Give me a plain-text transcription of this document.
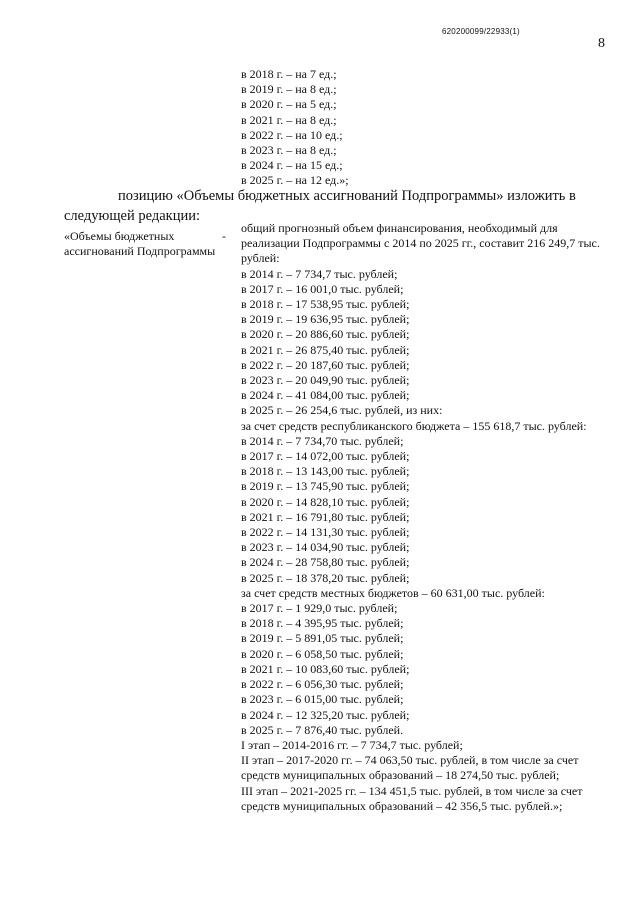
620200099/22933(1)
8
в 2018 г. – на 7 ед.;
в 2019 г. – на 8 ед.;
в 2020 г. – на 5 ед.;
в 2021 г. – на 8 ед.;
в 2022 г. – на 10 ед.;
в 2023 г. – на 8 ед.;
в 2024 г. – на 15 ед.;
в 2025 г. – на 12 ед.»;
позицию «Объемы бюджетных ассигнований Подпрограммы» изложить в следующей редакции:
«Объемы бюджетных ассигнований Подпрограммы
-
общий прогнозный объем финансирования, необходимый для реализации Подпрограммы с 2014 по 2025 гг., составит 216 249,7 тыс. рублей:
в 2014 г. – 7 734,7 тыс. рублей;
в 2017 г. – 16 001,0 тыс. рублей;
в 2018 г. – 17 538,95 тыс. рублей;
в 2019 г. – 19 636,95 тыс. рублей;
в 2020 г. – 20 886,60 тыс. рублей;
в 2021 г. – 26 875,40 тыс. рублей;
в 2022 г. – 20 187,60 тыс. рублей;
в 2023 г. – 20 049,90 тыс. рублей;
в 2024 г. – 41 084,00 тыс. рублей;
в 2025 г. – 26 254,6 тыс. рублей, из них:
за счет средств республиканского бюджета – 155 618,7 тыс. рублей:
в 2014 г. – 7 734,70 тыс. рублей;
в 2017 г. – 14 072,00 тыс. рублей;
в 2018 г. – 13 143,00 тыс. рублей;
в 2019 г. – 13 745,90 тыс. рублей;
в 2020 г. – 14 828,10 тыс. рублей;
в 2021 г. – 16 791,80 тыс. рублей;
в 2022 г. – 14 131,30 тыс. рублей;
в 2023 г. – 14 034,90 тыс. рублей;
в 2024 г. – 28 758,80 тыс. рублей;
в 2025 г. – 18 378,20 тыс. рублей;
за счет средств местных бюджетов – 60 631,00 тыс. рублей:
в 2017 г. – 1 929,0 тыс. рублей;
в 2018 г. – 4 395,95 тыс. рублей;
в 2019 г. – 5 891,05 тыс. рублей;
в 2020 г. – 6 058,50 тыс. рублей;
в 2021 г. – 10 083,60 тыс. рублей;
в 2022 г. – 6 056,30 тыс. рублей;
в 2023 г. – 6 015,00 тыс. рублей;
в 2024 г. – 12 325,20 тыс. рублей;
в 2025 г. – 7 876,40 тыс. рублей.
I этап – 2014-2016 гг. – 7 734,7 тыс. рублей;
II этап – 2017-2020 гг. – 74 063,50 тыс. рублей, в том числе за счет средств муниципальных образований – 18 274,50 тыс. рублей;
III этап – 2021-2025 гг. – 134 451,5 тыс. рублей, в том числе за счет средств муниципальных образований – 42 356,5 тыс. рублей.»;
